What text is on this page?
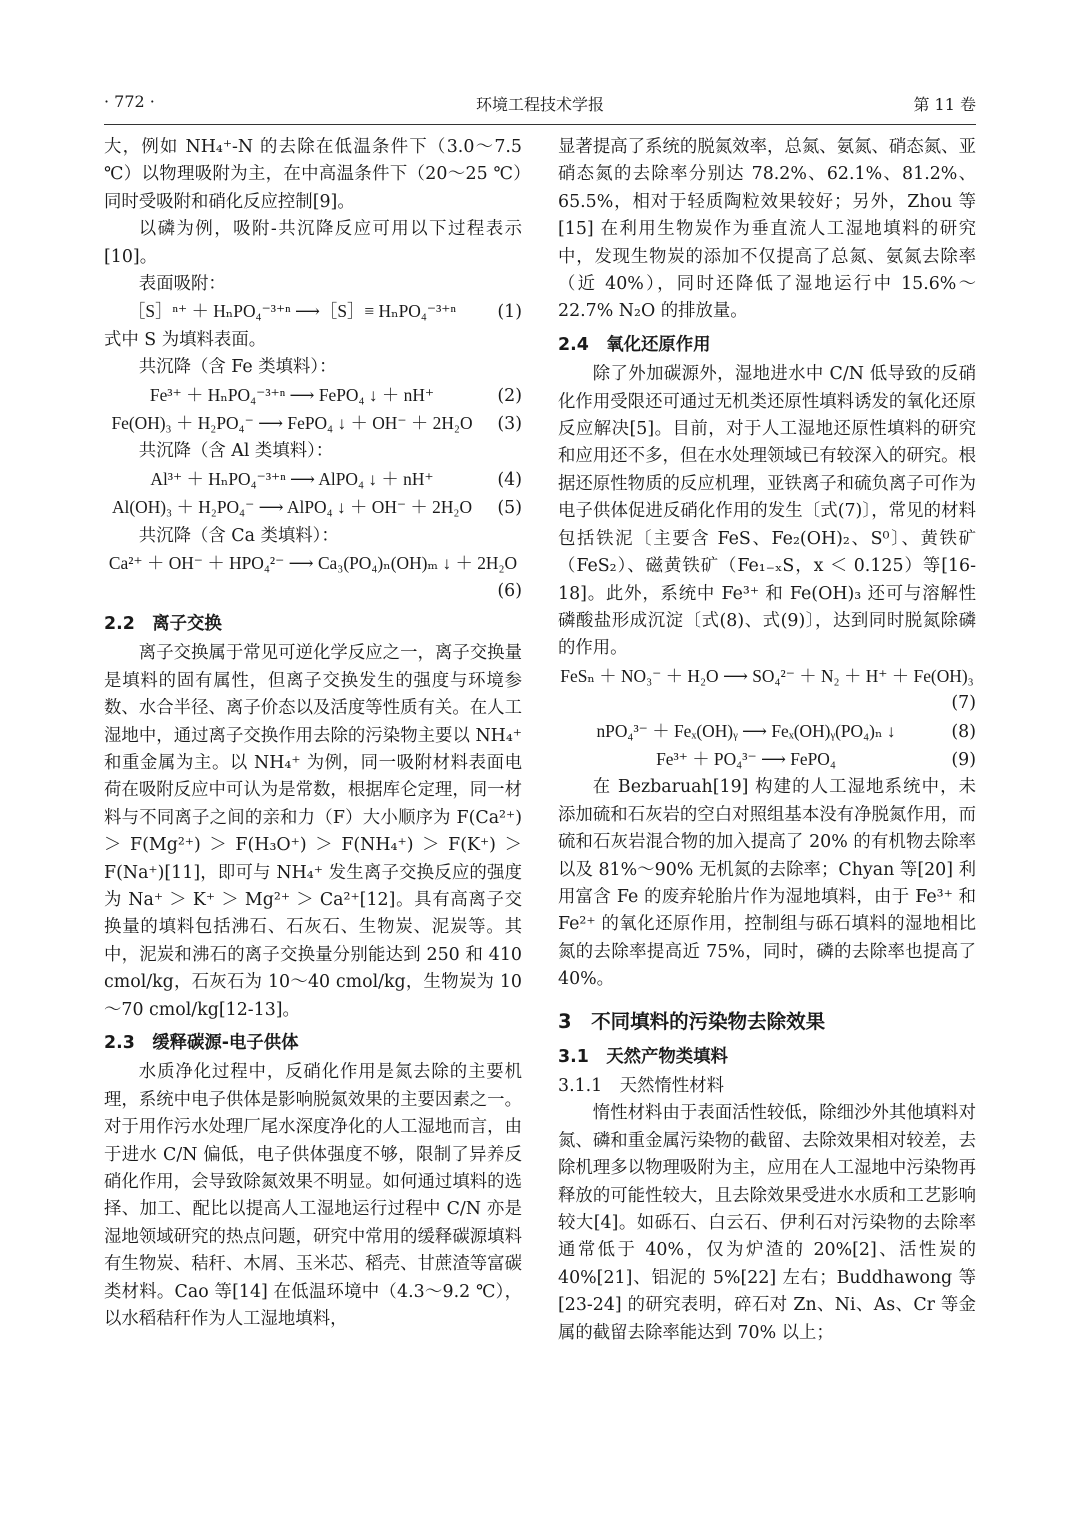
· 772 ·	环境工程技术学报	第 11 卷

大，例如 NH₄⁺-N 的去除在低温条件下（3.0～7.5 ℃）以物理吸附为主，在中高温条件下（20～25 ℃）同时受吸附和硝化反应控制[9]。

以磷为例，吸附-共沉降反应可用以下过程表示[10]。

表面吸附：

［S］ⁿ⁺ ＋ HₙPO₄⁻³⁺ⁿ ⟶［S］≡ HₙPO₄⁻³⁺ⁿ	(1)

式中 S 为填料表面。

共沉降（含 Fe 类填料）：

Fe³⁺ ＋ HₙPO₄⁻³⁺ⁿ ⟶ FePO₄ ↓ ＋ nH⁺	(2)
Fe(OH)₃ ＋ H₂PO₄⁻ ⟶ FePO₄ ↓ ＋ OH⁻ ＋ 2H₂O	(3)

共沉降（含 Al 类填料）：

Al³⁺ ＋ HₙPO₄⁻³⁺ⁿ ⟶ AlPO₄ ↓ ＋ nH⁺	(4)
Al(OH)₃ ＋ H₂PO₄⁻ ⟶ AlPO₄ ↓ ＋ OH⁻ ＋ 2H₂O	(5)

共沉降（含 Ca 类填料）：

Ca²⁺ ＋ OH⁻ ＋ HPO₄²⁻ ⟶ Ca₃(PO₄)ₙ(OH)ₘ ↓ ＋ 2H₂O
(6)
2.2　离子交换

离子交换属于常见可逆化学反应之一，离子交换量是填料的固有属性，但离子交换发生的强度与环境参数、水合半径、离子价态以及活度等性质有关。在人工湿地中，通过离子交换作用去除的污染物主要以 NH₄⁺ 和重金属为主。以 NH₄⁺ 为例，同一吸附材料表面电荷在吸附反应中可认为是常数，根据库仑定理，同一材料与不同离子之间的亲和力（F）大小顺序为 F(Ca²⁺) ＞ F(Mg²⁺) ＞ F(H₃O⁺) ＞ F(NH₄⁺) ＞ F(K⁺) ＞ F(Na⁺)[11]，即可与 NH₄⁺ 发生离子交换反应的强度为 Na⁺ ＞ K⁺ ＞ Mg²⁺ ＞ Ca²⁺[12]。具有高离子交换量的填料包括沸石、石灰石、生物炭、泥炭等。其中，泥炭和沸石的离子交换量分别能达到 250 和 410 cmol/kg，石灰石为 10～40 cmol/kg，生物炭为 10～70 cmol/kg[12-13]。

2.3　缓释碳源-电子供体

水质净化过程中，反硝化作用是氮去除的主要机理，系统中电子供体是影响脱氮效果的主要因素之一。对于用作污水处理厂尾水深度净化的人工湿地而言，由于进水 C/N 偏低，电子供体强度不够，限制了异养反硝化作用，会导致除氮效果不明显。如何通过填料的选择、加工、配比以提高人工湿地运行过程中 C/N 亦是湿地领域研究的热点问题，研究中常用的缓释碳源填料有生物炭、秸秆、木屑、玉米芯、稻壳、甘蔗渣等富碳类材料。Cao 等[14] 在低温环境中（4.3～9.2 ℃），以水稻秸秆作为人工湿地填料，

显著提高了系统的脱氮效率，总氮、氨氮、硝态氮、亚硝态氮的去除率分别达 78.2%、62.1%、81.2%、65.5%，相对于轻质陶粒效果较好；另外，Zhou 等[15] 在利用生物炭作为垂直流人工湿地填料的研究中，发现生物炭的添加不仅提高了总氮、氨氮去除率（近 40%），同时还降低了湿地运行中 15.6%～22.7% N₂O 的排放量。

2.4　氧化还原作用

除了外加碳源外，湿地进水中 C/N 低导致的反硝化作用受限还可通过无机类还原性填料诱发的氧化还原反应解决[5]。目前，对于人工湿地还原性填料的研究和应用还不多，但在水处理领域已有较深入的研究。根据还原性物质的反应机理，亚铁离子和硫负离子可作为电子供体促进反硝化作用的发生〔式(7)〕，常见的材料包括铁泥〔主要含 FeS、Fe₂(OH)₂、S⁰〕、黄铁矿（FeS₂）、磁黄铁矿（Fe₁₋ₓS，x ＜ 0.125）等[16-18]。此外，系统中 Fe³⁺ 和 Fe(OH)₃ 还可与溶解性磷酸盐形成沉淀〔式(8)、式(9)〕，达到同时脱氮除磷的作用。

FeSₙ ＋ NO₃⁻ ＋ H₂O ⟶ SO₄²⁻ ＋ N₂ ＋ H⁺ ＋ Fe(OH)₃
(7)
nPO₄³⁻ ＋ Feₓ(OH)ᵧ ⟶ Feₓ(OH)ᵧ(PO₄)ₙ ↓	(8)
Fe³⁺ ＋ PO₄³⁻ ⟶ FePO₄	(9)

在 Bezbaruah[19] 构建的人工湿地系统中，未添加硫和石灰岩的空白对照组基本没有净脱氮作用，而硫和石灰岩混合物的加入提高了 20% 的有机物去除率以及 81%～90% 无机氮的去除率；Chyan 等[20] 利用富含 Fe 的废弃轮胎片作为湿地填料，由于 Fe³⁺ 和 Fe²⁺ 的氧化还原作用，控制组与砾石填料的湿地相比氮的去除率提高近 75%，同时，磷的去除率也提高了 40%。

3　不同填料的污染物去除效果
3.1　天然产物类填料
3.1.1　天然惰性材料

惰性材料由于表面活性较低，除细沙外其他填料对氮、磷和重金属污染物的截留、去除效果相对较差，去除机理多以物理吸附为主，应用在人工湿地中污染物再释放的可能性较大，且去除效果受进水水质和工艺影响较大[4]。如砾石、白云石、伊利石对污染物的去除率通常低于 40%，仅为炉渣的 20%[2]、活性炭的 40%[21]、铝泥的 5%[22] 左右；Buddhawong 等[23-24] 的研究表明，碎石对 Zn、Ni、As、Cr 等金属的截留去除率能达到 70% 以上；
